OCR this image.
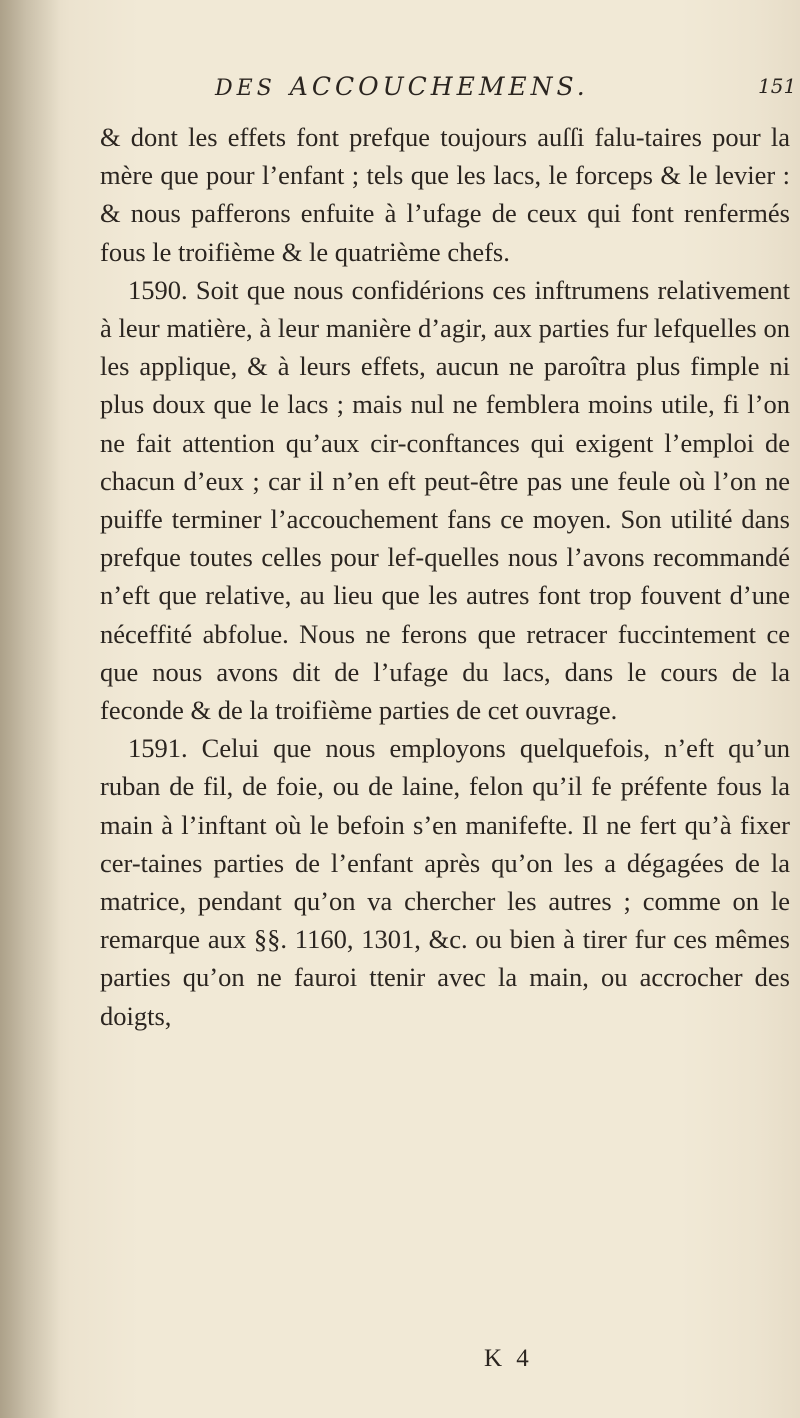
DES ACCOUCHEMENS.	151

& dont les effets font prefque toujours auſſi falu-taires pour la mère que pour l’enfant ; tels que les lacs, le forceps & le levier : & nous pafferons enfuite à l’ufage de ceux qui font renfermés fous le troifième & le quatrième chefs.

1590. Soit que nous confidérions ces inftrumens relativement à leur matière, à leur manière d’agir, aux parties fur lefquelles on les applique, & à leurs effets, aucun ne paroîtra plus fimple ni plus doux que le lacs ; mais nul ne femblera moins utile, fi l’on ne fait attention qu’aux cir-conftances qui exigent l’emploi de chacun d’eux ; car il n’en eft peut-être pas une feule où l’on ne puiffe terminer l’accouchement fans ce moyen. Son utilité dans prefque toutes celles pour lef-quelles nous l’avons recommandé n’eft que relative, au lieu que les autres font trop fouvent d’une néceffité abfolue. Nous ne ferons que retracer fuccintement ce que nous avons dit de l’ufage du lacs, dans le cours de la feconde & de la troifième parties de cet ouvrage.

1591. Celui que nous employons quelquefois, n’eft qu’un ruban de fil, de foie, ou de laine, felon qu’il fe préfente fous la main à l’inftant où le befoin s’en manifefte. Il ne fert qu’à fixer cer-taines parties de l’enfant après qu’on les a dégagées de la matrice, pendant qu’on va chercher les autres ; comme on le remarque aux §§. 1160, 1301, &c. ou bien à tirer fur ces mêmes parties qu’on ne fauroi ttenir avec la main, ou accrocher des doigts,

K 4
